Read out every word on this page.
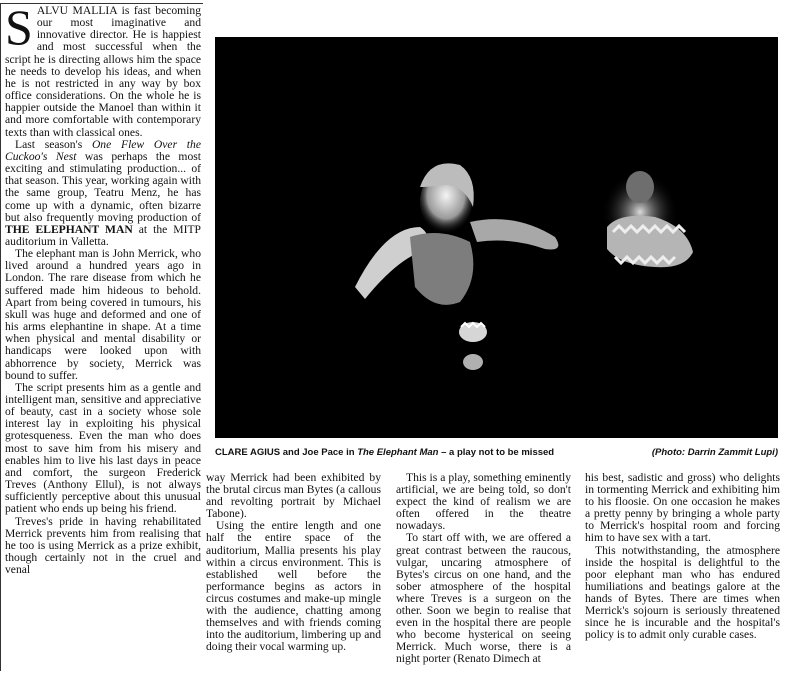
SALVU MALLIA is fast becoming our most imaginative and innovative director. He is happiest and most successful when the script he is directing allows him the space he needs to develop his ideas, and when he is not restricted in any way by box office considerations. On the whole he is happier outside the Manoel than within it and more comfortable with contemporary texts than with classical ones.

Last season's One Flew Over the Cuckoo's Nest was perhaps the most exciting and stimulating production... of that season. This year, working again with the same group, Teatru Menz, he has come up with a dynamic, often bizarre but also frequently moving production of THE ELEPHANT MAN at the MITP auditorium in Valletta.

The elephant man is John Merrick, who lived around a hundred years ago in London. The rare disease from which he suffered made him hideous to behold. Apart from being covered in tumours, his skull was huge and deformed and one of his arms elephantine in shape. At a time when physical and mental disability or handicaps were looked upon with abhorrence by society, Merrick was bound to suffer.

The script presents him as a gentle and intelligent man, sensitive and appreciative of beauty, cast in a society whose sole interest lay in exploiting his physical grotesqueness. Even the man who does most to save him from his misery and enables him to live his last days in peace and comfort, the surgeon Frederick Treves (Anthony Ellul), is not always sufficiently perceptive about this unusual patient who ends up being his friend.

Treves's pride in having rehabilitated Merrick prevents him from realising that he too is using Merrick as a prize exhibit, though certainly not in the cruel and venal

CLARE AGIUS and Joe Pace in The Elephant Man – a play not to be missed	(Photo: Darrin Zammit Lupi)

way Merrick had been exhibited by the brutal circus man Bytes (a callous and revolting portrait by Michael Tabone).

Using the entire length and one half the entire space of the auditorium, Mallia presents his play within a circus environment. This is established well before the performance begins as actors in circus costumes and make-up mingle with the audience, chatting among themselves and with friends coming into the auditorium, limbering up and doing their vocal warming up.

This is a play, something eminently artificial, we are being told, so don't expect the kind of realism we are often offered in the theatre nowadays.

To start off with, we are offered a great contrast between the raucous, vulgar, uncaring atmosphere of Bytes's circus on one hand, and the sober atmosphere of the hospital where Treves is a surgeon on the other. Soon we begin to realise that even in the hospital there are people who become hysterical on seeing Merrick. Much worse, there is a night porter (Renato Dimech at

his best, sadistic and gross) who delights in tormenting Merrick and exhibiting him to his floosie. On one occasion he makes a pretty penny by bringing a whole party to Merrick's hospital room and forcing him to have sex with a tart.

This notwithstanding, the atmosphere inside the hospital is delightful to the poor elephant man who has endured humiliations and beatings galore at the hands of Bytes. There are times when Merrick's sojourn is seriously threatened since he is incurable and the hospital's policy is to admit only curable cases.
